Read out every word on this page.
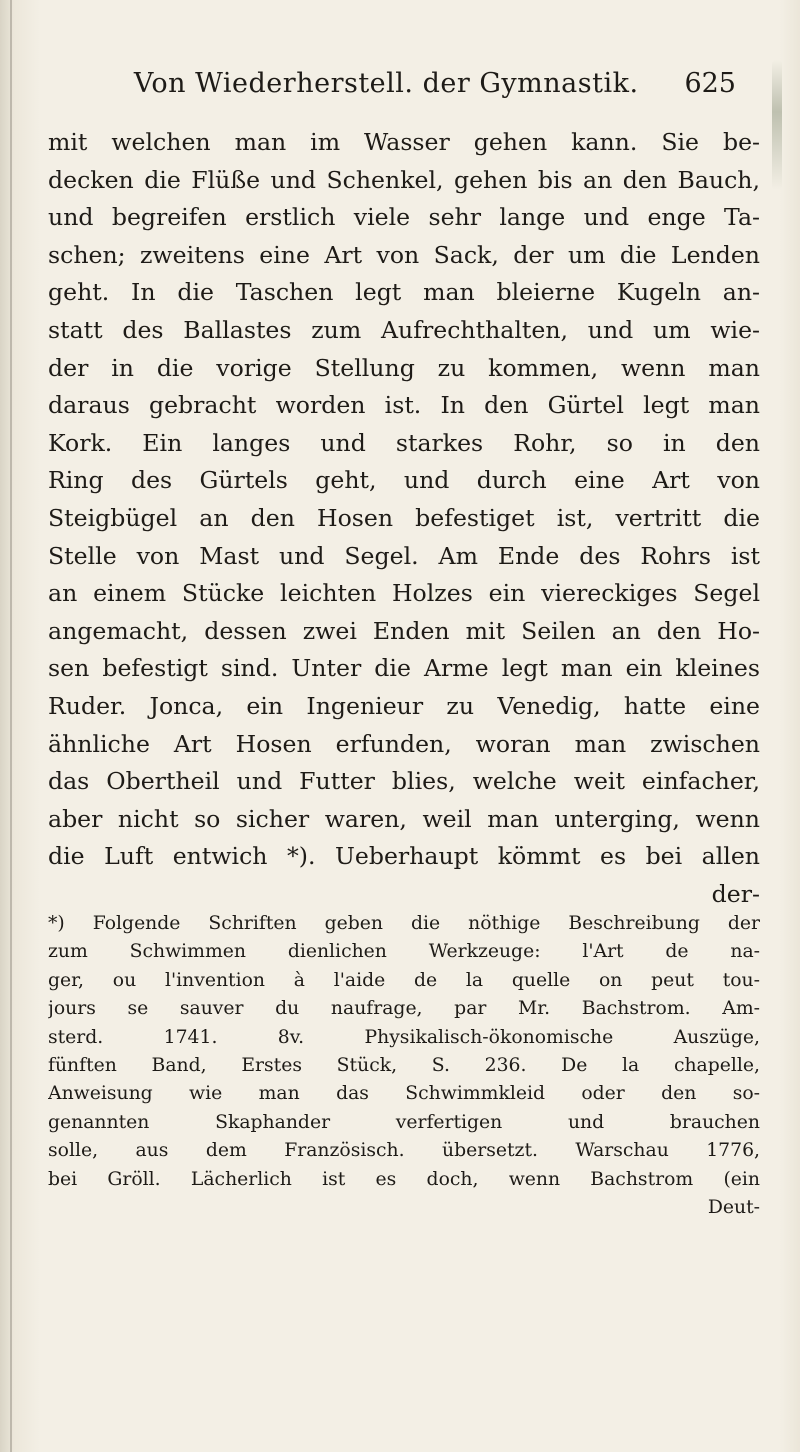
Von Wiederherstell. der Gymnastik.	625
mit welchen man im Wasser gehen kann. Sie be-
decken die Flüße und Schenkel, gehen bis an den Bauch,
und begreifen erstlich viele sehr lange und enge Ta-
schen; zweitens eine Art von Sack, der um die Lenden
geht. In die Taschen legt man bleierne Kugeln an-
statt des Ballastes zum Aufrechthalten, und um wie-
der in die vorige Stellung zu kommen, wenn man
daraus gebracht worden ist. In den Gürtel legt man
Kork. Ein langes und starkes Rohr, so in den
Ring des Gürtels geht, und durch eine Art von
Steigbügel an den Hosen befestiget ist, vertritt die
Stelle von Mast und Segel. Am Ende des Rohrs ist
an einem Stücke leichten Holzes ein viereckiges Segel
angemacht, dessen zwei Enden mit Seilen an den Ho-
sen befestigt sind. Unter die Arme legt man ein kleines
Ruder. Jonca, ein Ingenieur zu Venedig, hatte eine
ähnliche Art Hosen erfunden, woran man zwischen
das Obertheil und Futter blies, welche weit einfacher,
aber nicht so sicher waren, weil man unterging, wenn
die Luft entwich *). Ueberhaupt kömmt es bei allen
der-
*) Folgende Schriften geben die nöthige Beschreibung der
zum Schwimmen dienlichen Werkzeuge: l'Art de na-
ger, ou l'invention à l'aide de la quelle on peut tou-
jours se sauver du naufrage, par Mr. Bachstrom. Am-
sterd. 1741. 8v. Physikalisch-ökonomische Auszüge,
fünften Band, Erstes Stück, S. 236. De la chapelle,
Anweisung wie man das Schwimmkleid oder den so-
genannten Skaphander verfertigen und brauchen
solle, aus dem Französisch. übersetzt. Warschau 1776,
bei Gröll. Lächerlich ist es doch, wenn Bachstrom (ein
Deut-
